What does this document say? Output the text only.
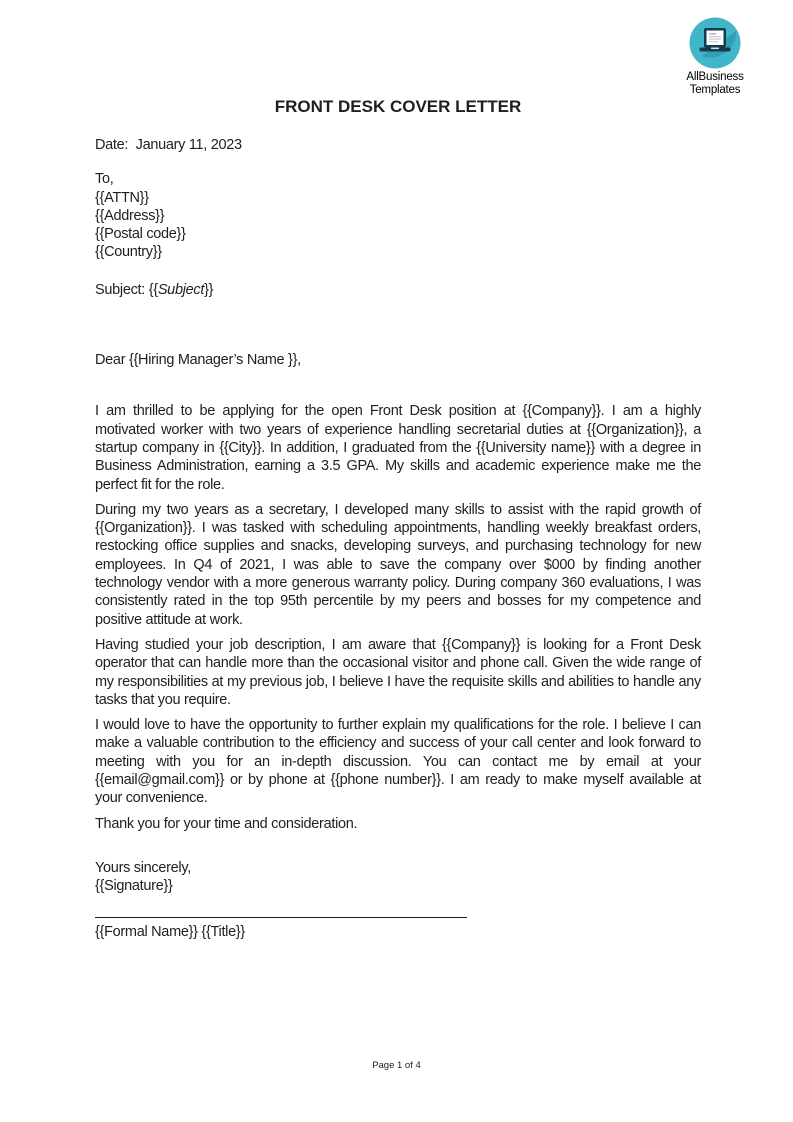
AllBusiness
Templates
FRONT DESK COVER LETTER
Date:  January 11, 2023
To,
{{ATTN}}
{{Address}}
{{Postal code}}
{{Country}}
Subject: {{Subject}}
Dear {{Hiring Manager’s Name }},

I am thrilled to be applying for the open Front Desk position at {{Company}}. I am a highly motivated worker with two years of experience handling secretarial duties at {{Organization}}, a startup company in {{City}}. In addition, I graduated from the {{University name}} with a degree in Business Administration, earning a 3.5 GPA. My skills and academic experience make me the perfect fit for the role.

During my two years as a secretary, I developed many skills to assist with the rapid growth of {{Organization}}. I was tasked with scheduling appointments, handling weekly breakfast orders, restocking office supplies and snacks, developing surveys, and purchasing technology for new employees. In Q4 of 2021, I was able to save the company over $000 by finding another technology vendor with a more generous warranty policy. During company 360 evaluations, I was consistently rated in the top 95th percentile by my peers and bosses for my competence and positive attitude at work.

Having studied your job description, I am aware that {{Company}} is looking for a Front Desk operator that can handle more than the occasional visitor and phone call. Given the wide range of my responsibilities at my previous job, I believe I have the requisite skills and abilities to handle any tasks that you require.

I would love to have the opportunity to further explain my qualifications for the role. I believe I can make a valuable contribution to the efficiency and success of your call center and look forward to meeting with you for an in-depth discussion. You can contact me by email at your {{email@gmail.com}} or by phone at {{phone number}}. I am ready to make myself available at your convenience.

Thank you for your time and consideration.
Yours sincerely,
{{Signature}}
{{Formal Name}} {{Title}}
Page 1 of 4
